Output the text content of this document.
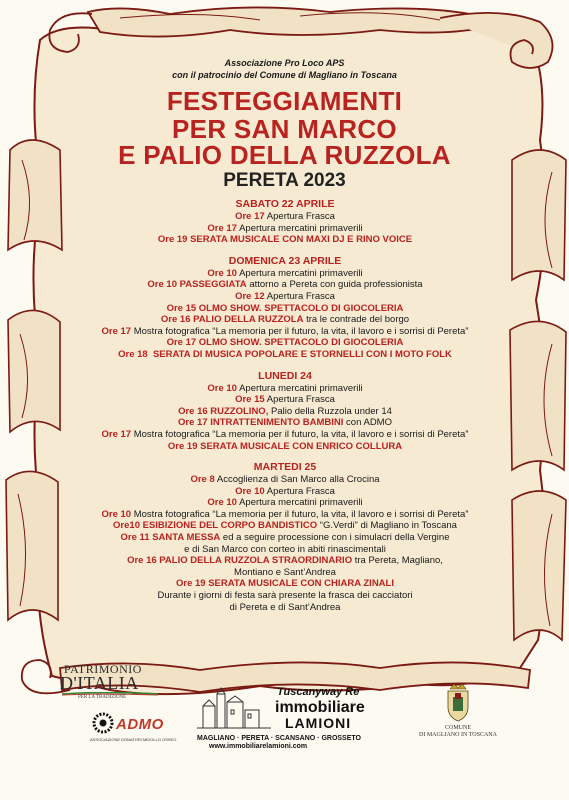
Associazione Pro Loco APS
con il patrocinio del Comune di Magliano in Toscana
FESTEGGIAMENTI
PER SAN MARCO
E PALIO DELLA RUZZOLA
PERETA 2023
SABATO 22 APRILE
Ore 17 Apertura Frasca
Ore 17 Apertura mercatini primaverili
Ore 19 SERATA MUSICALE CON MAXI DJ E RINO VOICE
DOMENICA 23 APRILE
Ore 10 Apertura mercatini primaverili
Ore 10 PASSEGGIATA attorno a Pereta con guida professionista
Ore 12 Apertura Frasca
Ore 15 OLMO SHOW. SPETTACOLO DI GIOCOLERIA
Ore 16 PALIO DELLA RUZZOLA tra le contrade del borgo
Ore 17 Mostra fotografica “La memoria per il futuro, la vita, il lavoro e i sorrisi di Pereta”
Ore 17 OLMO SHOW. SPETTACOLO DI GIOCOLERIA
Ore 18  SERATA DI MUSICA POPOLARE E STORNELLI CON I MOTO FOLK
LUNEDI 24
Ore 10 Apertura mercatini primaverili
Ore 15 Apertura Frasca
Ore 16 RUZZOLINO, Palio della Ruzzola under 14
Ore 17 INTRATTENIMENTO BAMBINI con ADMO
Ore 17 Mostra fotografica “La memoria per il futuro, la vita, il lavoro e i sorrisi di Pereta”
Ore 19 SERATA MUSICALE CON ENRICO COLLURA
MARTEDI 25
Ore 8 Accoglienza di San Marco alla Crocina
Ore 10 Apertura Frasca
Ore 10 Apertura mercatini primaverili
Ore 10 Mostra fotografica “La memoria per il futuro, la vita, il lavoro e i sorrisi di Pereta”
Ore10 ESIBIZIONE DEL CORPO BANDISTICO “G.Verdi” di Magliano in Toscana
Ore 11 SANTA MESSA ed a seguire processione con i simulacri della Vergine
e di San Marco con corteo in abiti rinascimentali
Ore 16 PALIO DELLA RUZZOLA STRAORDINARIO tra Pereta, Magliano,
Montiano e Sant’Andrea
Ore 19 SERATA MUSICALE CON CHIARA ZINALI
Durante i giorni di festa sarà presente la frasca dei cacciatori
di Pereta e di Sant’Andrea
PATRIMONIO
D'ITALIA
PER LA TRADIZIONE
ADMO
ASSOCIAZIONE DONATORI MIDOLLO OSSEO
Tuscanyway Re
immobiliare
LAMIONI
MAGLIANO · PERETA · SCANSANO · GROSSETO
www.immobiliarelamioni.com
COMUNE
DI MAGLIANO IN TOSCANA
